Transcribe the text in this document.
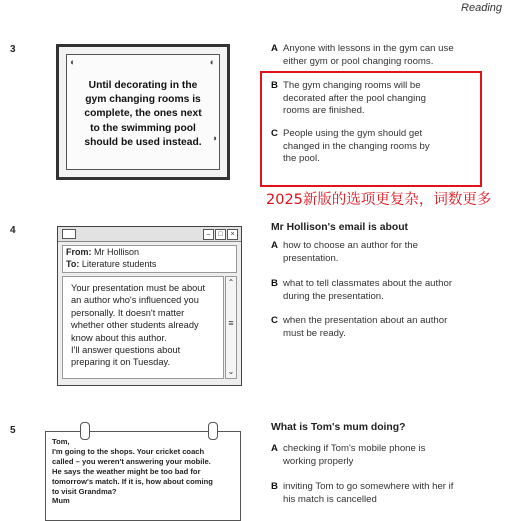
Reading
3
◐	◐
◑
Until decorating in the
gym changing rooms is
complete, the ones next
to the swimming pool
should be used instead.
A Anyone with lessons in the gym can use
either gym or pool changing rooms.
B The gym changing rooms will be
decorated after the pool changing
rooms are finished.
C People using the gym should get
changed in the changing rooms by
the pool.
2025新版的选项更复杂，词数更多
4	–	□	×
From: Mr Hollison
To: Literature students
Your presentation must be about
an author who's influenced you
personally. It doesn't matter
whether other students already
know about this author.
I'll answer questions about
preparing it on Tuesday.
⌃
≡
⌄
Mr Hollison's email is about
A how to choose an author for the
presentation.
B what to tell classmates about the author
during the presentation.
C when the presentation about an author
must be ready.
5
Tom,
I'm going to the shops. Your cricket coach
called – you weren't answering your mobile.
He says the weather might be too bad for
tomorrow's match. If it is, how about coming
to visit Grandma?
Mum
What is Tom's mum doing?
A checking if Tom's mobile phone is
working properly
B inviting Tom to go somewhere with her if
his match is cancelled
